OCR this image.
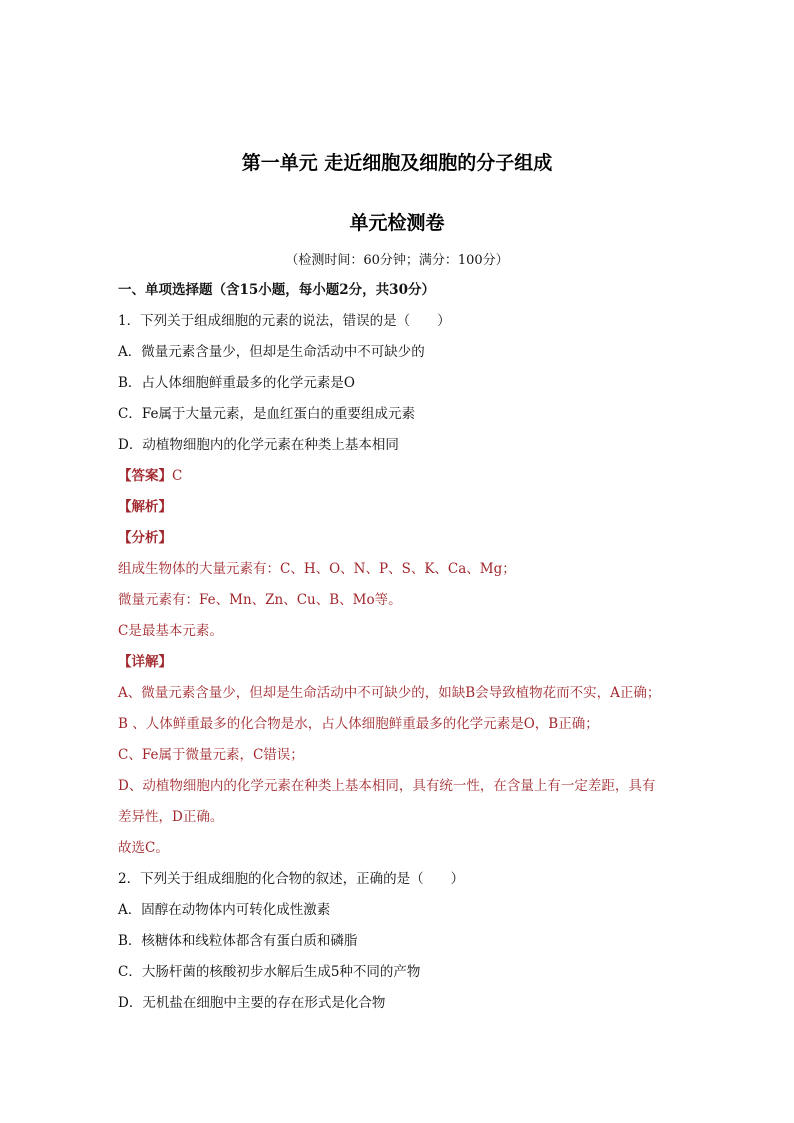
第一单元 走近细胞及细胞的分子组成
单元检测卷
（检测时间：60分钟；满分：100分）
一、单项选择题（含15小题，每小题2分，共30分）
1．下列关于组成细胞的元素的说法，错误的是（　　）
A．微量元素含量少，但却是生命活动中不可缺少的
B．占人体细胞鲜重最多的化学元素是O
C．Fe属于大量元素，是血红蛋白的重要组成元素
D．动植物细胞内的化学元素在种类上基本相同
【答案】C
【解析】
【分析】
组成生物体的大量元素有：C、H、O、N、P、S、K、Ca、Mg；
微量元素有：Fe、Mn、Zn、Cu、B、Mo等。
C是最基本元素。
【详解】
A、微量元素含量少，但却是生命活动中不可缺少的，如缺B会导致植物花而不实，A正确；
B 、人体鲜重最多的化合物是水，占人体细胞鲜重最多的化学元素是O，B正确；
C、Fe属于微量元素，C错误；
D、动植物细胞内的化学元素在种类上基本相同，具有统一性，在含量上有一定差距，具有
差异性，D正确。
故选C。
2．下列关于组成细胞的化合物的叙述，正确的是（　　）
A．固醇在动物体内可转化成性激素
B．核糖体和线粒体都含有蛋白质和磷脂
C．大肠杆菌的核酸初步水解后生成5种不同的产物
D．无机盐在细胞中主要的存在形式是化合物
